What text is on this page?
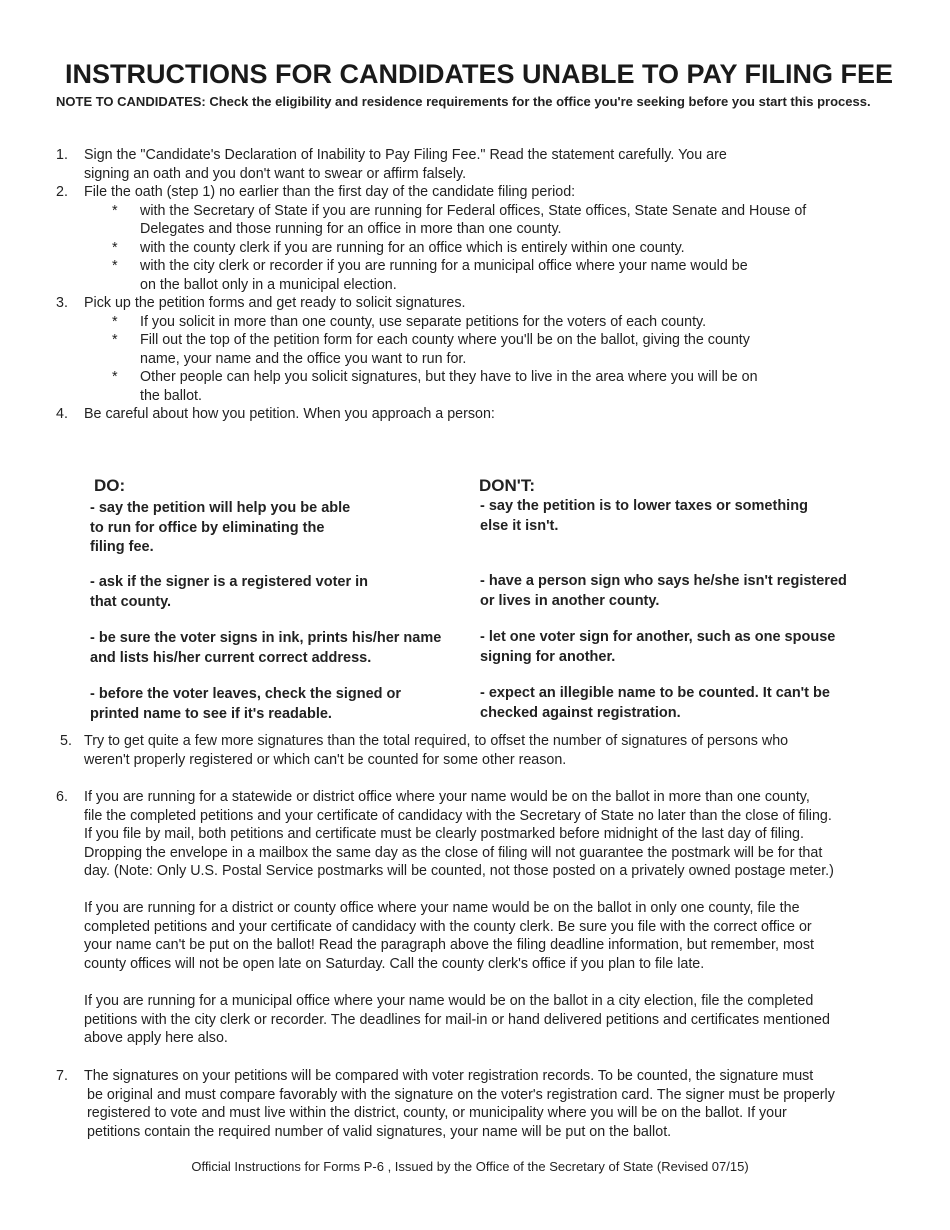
INSTRUCTIONS FOR CANDIDATES UNABLE TO PAY FILING FEE
NOTE TO CANDIDATES: Check the eligibility and residence requirements for the office you're seeking before you start this process.
1. Sign the "Candidate's Declaration of Inability to Pay Filing Fee." Read the statement carefully. You are
signing an oath and you don't want to swear or affirm falsely.
2. File the oath (step 1) no earlier than the first day of the candidate filing period:
* with the Secretary of State if you are running for Federal offices, State offices, State Senate and House of
Delegates and those running for an office in more than one county.
* with the county clerk if you are running for an office which is entirely within one county.
* with the city clerk or recorder if you are running for a municipal office where your name would be
on the ballot only in a municipal election.
3. Pick up the petition forms and get ready to solicit signatures.
* If you solicit in more than one county, use separate petitions for the voters of each county.
* Fill out the top of the petition form for each county where you'll be on the ballot, giving the county
name, your name and the office you want to run for.
* Other people can help you solicit signatures, but they have to live in the area where you will be on
the ballot.
4. Be careful about how you petition. When you approach a person:
DO:
- say the petition will help you be able
to run for office by eliminating the
filing fee.
- ask if the signer is a registered voter in
that county.
- be sure the voter signs in ink, prints his/her name
and lists his/her current correct address.
- before the voter leaves, check the signed or
printed name to see if it's readable.
DON'T:
- say the petition is to lower taxes or something
else it isn't.
- have a person sign who says he/she isn't registered
or lives in another county.
- let one voter sign for another, such as one spouse
signing for another.
- expect an illegible name to be counted. It can't be
checked against registration.
5. Try to get quite a few more signatures than the total required, to offset the number of signatures of persons who
weren't properly registered or which can't be counted for some other reason.
6. If you are running for a statewide or district office where your name would be on the ballot in more than one county,
file the completed petitions and your certificate of candidacy with the Secretary of State no later than the close of filing.
If you file by mail, both petitions and certificate must be clearly postmarked before midnight of the last day of filing.
Dropping the envelope in a mailbox the same day as the close of filing will not guarantee the postmark will be for that
day. (Note: Only U.S. Postal Service postmarks will be counted, not those posted on a privately owned postage meter.)
If you are running for a district or county office where your name would be on the ballot in only one county, file the
completed petitions and your certificate of candidacy with the county clerk. Be sure you file with the correct office or
your name can't be put on the ballot! Read the paragraph above the filing deadline information, but remember, most
county offices will not be open late on Saturday. Call the county clerk's office if you plan to file late.
If you are running for a municipal office where your name would be on the ballot in a city election, file the completed
petitions with the city clerk or recorder. The deadlines for mail-in or hand delivered petitions and certificates mentioned
above apply here also.
7. The signatures on your petitions will be compared with voter registration records. To be counted, the signature must
be original and must compare favorably with the signature on the voter's registration card. The signer must be properly
registered to vote and must live within the district, county, or municipality where you will be on the ballot. If your
petitions contain the required number of valid signatures, your name will be put on the ballot.
Official Instructions for Forms P-6 , Issued by the Office of the Secretary of State (Revised 07/15)
